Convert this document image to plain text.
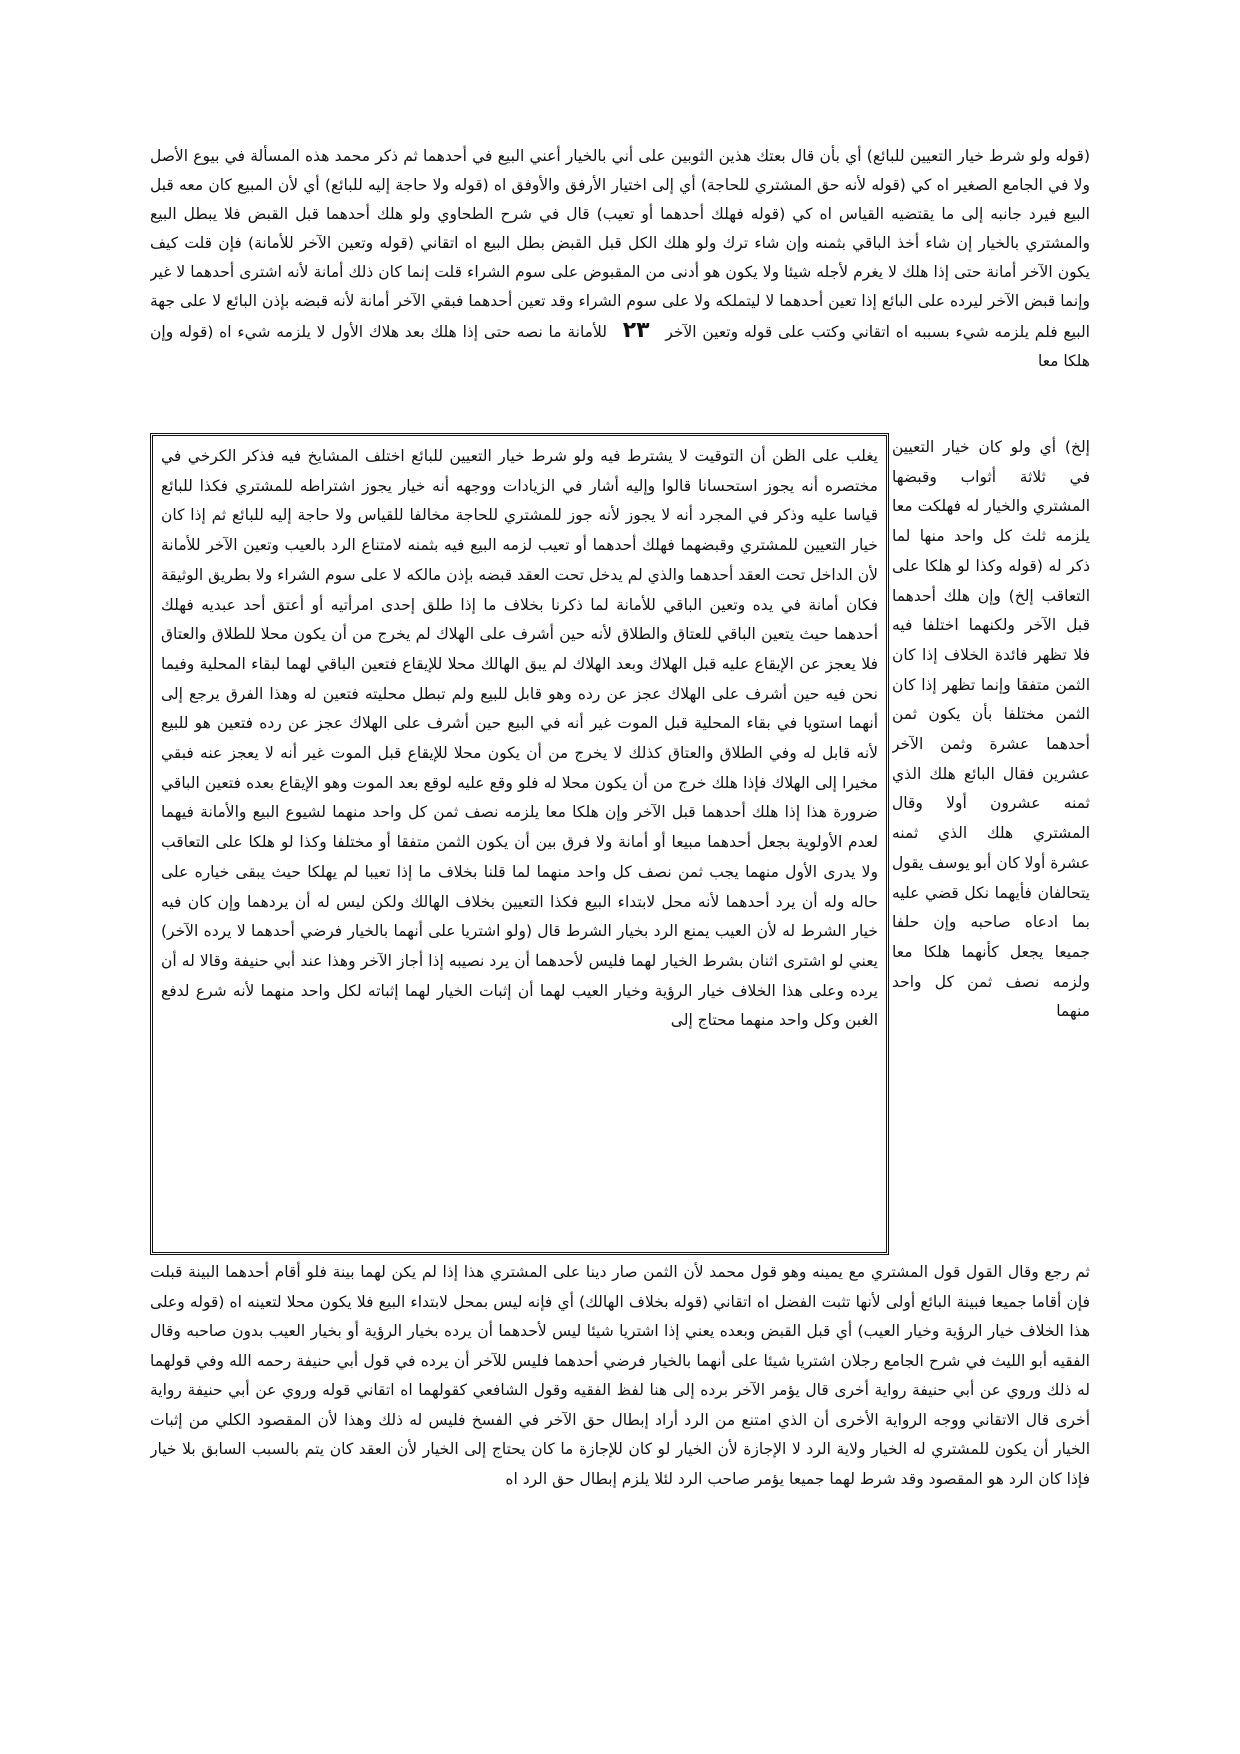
(قوله ولو شرط خيار التعيين للبائع) أي بأن قال بعتك هذين الثوبين على أني بالخيار أعني البيع في أحدهما ثم ذكر محمد هذه المسألة في بيوع الأصل ولا في الجامع الصغير اه كي (قوله لأنه حق المشتري للحاجة) أي إلى اختيار الأرفق والأوفق اه (قوله ولا حاجة إليه للبائع) أي لأن المبيع كان معه قبل البيع فيرد جانبه إلى ما يقتضيه القياس اه كي (قوله فهلك أحدهما أو تعيب) قال في شرح الطحاوي ولو هلك أحدهما قبل القبض فلا يبطل البيع والمشتري بالخيار إن شاء أخذ الباقي بثمنه وإن شاء ترك ولو هلك الكل قبل القبض بطل البيع اه اتقاني (قوله وتعين الآخر للأمانة) فإن قلت كيف يكون الآخر أمانة حتى إذا هلك لا يغرم لأجله شيئا ولا يكون هو أدنى من المقبوض على سوم الشراء قلت إنما كان ذلك أمانة لأنه اشترى أحدهما لا غير وإنما قبض الآخر ليرده على البائع إذا تعين أحدهما لا ليتملكه ولا على سوم الشراء وقد تعين أحدهما فبقي الآخر أمانة لأنه قبضه بإذن البائع لا على جهة البيع فلم يلزمه شيء بسببه اه اتقاني وكتب على قوله وتعين الآخر ٢٣ للأمانة ما نصه حتى إذا هلك بعد هلاك الأول لا يلزمه شيء اه (قوله وإن هلكا معا

يغلب على الظن أن التوقيت لا يشترط فيه ولو شرط خيار التعيين للبائع اختلف المشايخ فيه فذكر الكرخي في مختصره أنه يجوز استحسانا قالوا وإليه أشار في الزيادات ووجهه أنه خيار يجوز اشتراطه للمشتري فكذا للبائع قياسا عليه وذكر في المجرد أنه لا يجوز لأنه جوز للمشتري للحاجة مخالفا للقياس ولا حاجة إليه للبائع ثم إذا كان خيار التعيين للمشتري وقبضهما فهلك أحدهما أو تعيب لزمه البيع فيه بثمنه لامتناع الرد بالعيب وتعين الآخر للأمانة لأن الداخل تحت العقد أحدهما والذي لم يدخل تحت العقد قبضه بإذن مالكه لا على سوم الشراء ولا بطريق الوثيقة فكان أمانة في يده وتعين الباقي للأمانة لما ذكرنا بخلاف ما إذا طلق إحدى امرأتيه أو أعتق أحد عبديه فهلك أحدهما حيث يتعين الباقي للعتاق والطلاق لأنه حين أشرف على الهلاك لم يخرج من أن يكون محلا للطلاق والعتاق فلا يعجز عن الإيقاع عليه قبل الهلاك وبعد الهلاك لم يبق الهالك محلا للإيقاع فتعين الباقي لهما لبقاء المحلية وفيما نحن فيه حين أشرف على الهلاك عجز عن رده وهو قابل للبيع ولم تبطل محليته فتعين له وهذا الفرق يرجع إلى أنهما استويا في بقاء المحلية قبل الموت غير أنه في البيع حين أشرف على الهلاك عجز عن رده فتعين هو للبيع لأنه قابل له وفي الطلاق والعتاق كذلك لا يخرج من أن يكون محلا للإيقاع قبل الموت غير أنه لا يعجز عنه فبقي مخيرا إلى الهلاك فإذا هلك خرج من أن يكون محلا له فلو وقع عليه لوقع بعد الموت وهو الإيقاع بعده فتعين الباقي ضرورة هذا إذا هلك أحدهما قبل الآخر وإن هلكا معا يلزمه نصف ثمن كل واحد منهما لشيوع البيع والأمانة فيهما لعدم الأولوية بجعل أحدهما مبيعا أو أمانة ولا فرق بين أن يكون الثمن متفقا أو مختلفا وكذا لو هلكا على التعاقب ولا يدرى الأول منهما يجب ثمن نصف كل واحد منهما لما قلنا بخلاف ما إذا تعيبا لم يهلكا حيث يبقى خياره على حاله وله أن يرد أحدهما لأنه محل لابتداء البيع فكذا التعيين بخلاف الهالك ولكن ليس له أن يردهما وإن كان فيه خيار الشرط له لأن العيب يمنع الرد بخيار الشرط قال (ولو اشتريا على أنهما بالخيار فرضي أحدهما لا يرده الآخر) يعني لو اشترى اثنان بشرط الخيار لهما فليس لأحدهما أن يرد نصيبه إذا أجاز الآخر وهذا عند أبي حنيفة وقالا له أن يرده وعلى هذا الخلاف خيار الرؤية وخيار العيب لهما أن إثبات الخيار لهما إثباته لكل واحد منهما لأنه شرع لدفع الغبن وكل واحد منهما محتاج إلى

إلخ) أي ولو كان خيار التعيين في ثلاثة أثواب وقبضها المشتري والخيار له فهلكت معا يلزمه ثلث كل واحد منها لما ذكر له (قوله وكذا لو هلكا على التعاقب إلخ) وإن هلك أحدهما قبل الآخر ولكنهما اختلفا فيه فلا تظهر فائدة الخلاف إذا كان الثمن متفقا وإنما تظهر إذا كان الثمن مختلفا بأن يكون ثمن أحدهما عشرة وثمن الآخر عشرين فقال البائع هلك الذي ثمنه عشرون أولا وقال المشتري هلك الذي ثمنه عشرة أولا كان أبو يوسف يقول يتحالفان فأيهما نكل قضي عليه بما ادعاه صاحبه وإن حلفا جميعا يجعل كأنهما هلكا معا ولزمه نصف ثمن كل واحد منهما

ثم رجع وقال القول قول المشتري مع يمينه وهو قول محمد لأن الثمن صار دينا على المشتري هذا إذا لم يكن لهما بينة فلو أقام أحدهما البينة قبلت فإن أقاما جميعا فبينة البائع أولى لأنها تثبت الفضل اه اتقاني (قوله بخلاف الهالك) أي فإنه ليس بمحل لابتداء البيع فلا يكون محلا لتعينه اه (قوله وعلى هذا الخلاف خيار الرؤية وخيار العيب) أي قبل القبض وبعده يعني إذا اشتريا شيئا ليس لأحدهما أن يرده بخيار الرؤية أو بخيار العيب بدون صاحبه وقال الفقيه أبو الليث في شرح الجامع رجلان اشتريا شيئا على أنهما بالخيار فرضي أحدهما فليس للآخر أن يرده في قول أبي حنيفة رحمه الله وفي قولهما له ذلك وروي عن أبي حنيفة رواية أخرى قال يؤمر الآخر برده إلى هنا لفظ الفقيه وقول الشافعي كقولهما اه اتقاني قوله وروي عن أبي حنيفة رواية أخرى قال الاتقاني ووجه الرواية الأخرى أن الذي امتنع من الرد أراد إبطال حق الآخر في الفسخ فليس له ذلك وهذا لأن المقصود الكلي من إثبات الخيار أن يكون للمشتري له الخيار ولاية الرد لا الإجازة لأن الخيار لو كان للإجازة ما كان يحتاج إلى الخيار لأن العقد كان يتم بالسبب السابق بلا خيار فإذا كان الرد هو المقصود وقد شرط لهما جميعا يؤمر صاحب الرد لئلا يلزم إبطال حق الرد اه
